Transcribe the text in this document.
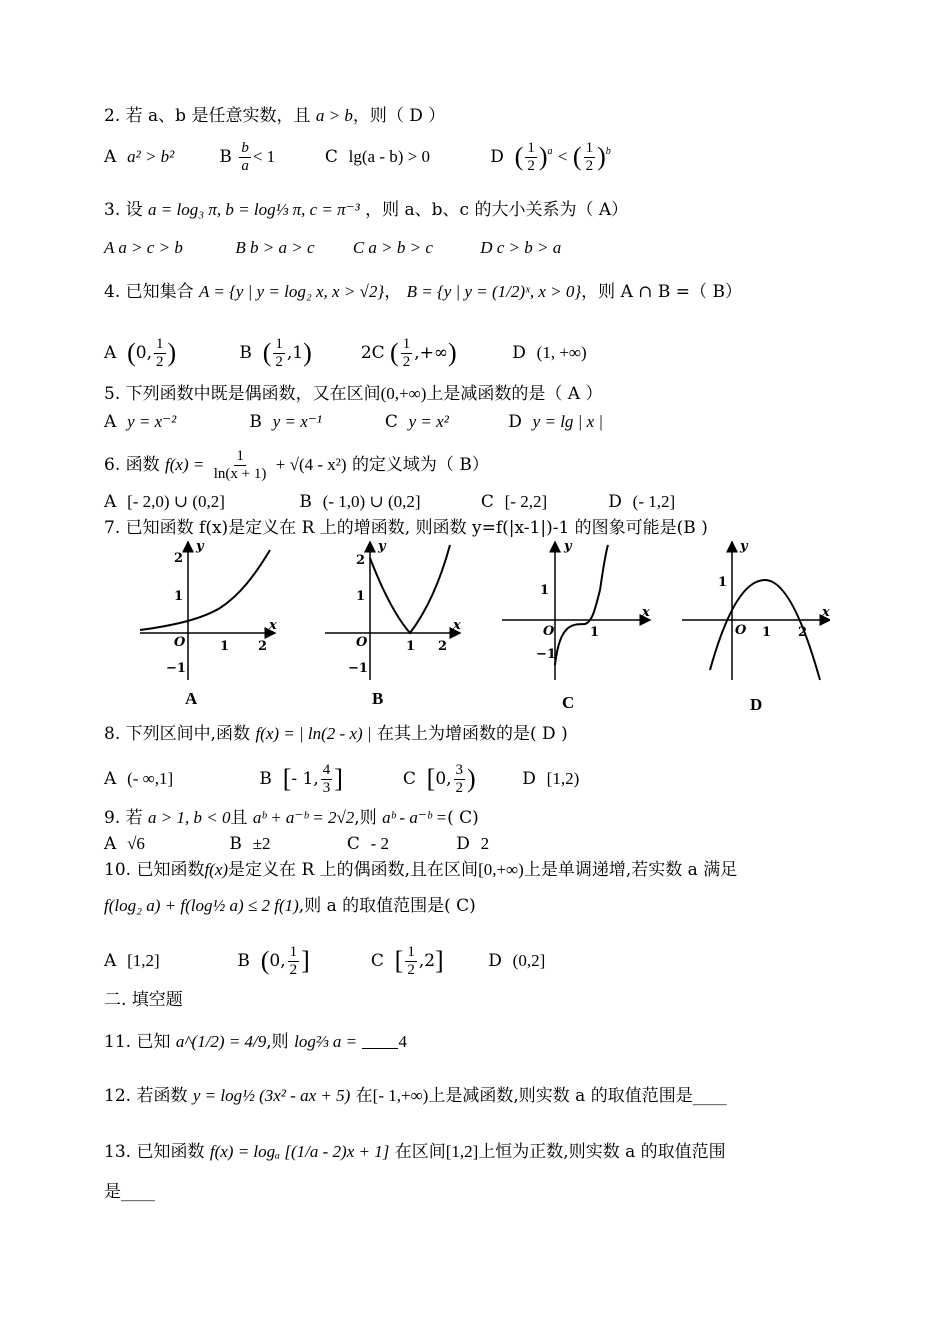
2. 若 a、b 是任意实数，且 a > b，则（ D ）
A a² > b²	B $\frac{b}{a} < 1$	C lg(a - b) > 0	D ( $\frac{1}{2} )^a$ < ( $\frac{1}{2} )^b$
3. 设 a = log₃ π, b = log⅓ π, c = π⁻³ ，则 a、b、c 的大小关系为（ A）
A a > c > b	B b > a > c C a > b > c	D c > b > a
4. 已知集合 A = {y | y = log₂ x, x > √2}， B = {y | y = (1/2)ˣ, x > 0}，则 A ∩ B =（ B）
A (0, $\frac{1}{2}$ )	B ( $\frac{1}{2} ,1$)	2C ( $\frac{1}{2}$ ,+∞)	D (1, +∞)
5. 下列函数中既是偶函数，又在区间(0,+∞)上是减函数的是（ A ）
A y = x⁻²	B y = x⁻¹	C y = x²	D y = lg | x |
6. 函数 $f(x) = \frac{1}{\ln(x + 1)} + √(4 - x^2)$ 的定义域为（ B）
A [- 2,0) ∪ (0,2]	B (- 1,0) ∪ (0,2]	C [- 2,2]	D (- 1,2]
7. 已知函数 f(x)是定义在 R 上的增函数, 则函数 y=f(|x-1|)-1 的图象可能是(B )
y
x
2
1
O
−1
1 2
A
y
x
2
1
O
−1
1 2
B
y
x
1
O
−1
1
C
y
x
1
O 1 2
D
8. 下列区间中,函数 f(x) = | ln(2 - x) | 在其上为增函数的是( D )
A (- ∞,1]	B [- 1, $\frac{4}{3}$ ]	C [0, $\frac{3}{2}$ )	D [1,2)
9. 若 a > 1, b < 0且 aᵇ + a⁻ᵇ = 2√2,则 aᵇ - a⁻ᵇ =( C)
A √6	B ±2	C - 2	D 2
10. 已知函数f(x)是定义在 R 上的偶函数,且在区间[0,+∞)上是单调递增,若实数 a 满足
f(log₂ a) + f(log½ a) ≤ 2 f(1),则 a 的取值范围是( C)
A [1,2]	B (0, $\frac{1}{2}$ ]	C [ $\frac{1}{2} ,2$]	D (0,2]
二. 填空题
11. 已知 a^(1/2) = 4/9,则 log⅔ a = 4
12. 若函数 y = log½ (3x² - ax + 5) 在[- 1,+∞)上是减函数,则实数 a 的取值范围是____
13. 已知函数 f(x) = logₐ [(1/a - 2)x + 1] 在区间[1,2]上恒为正数,则实数 a 的取值范围
是____
